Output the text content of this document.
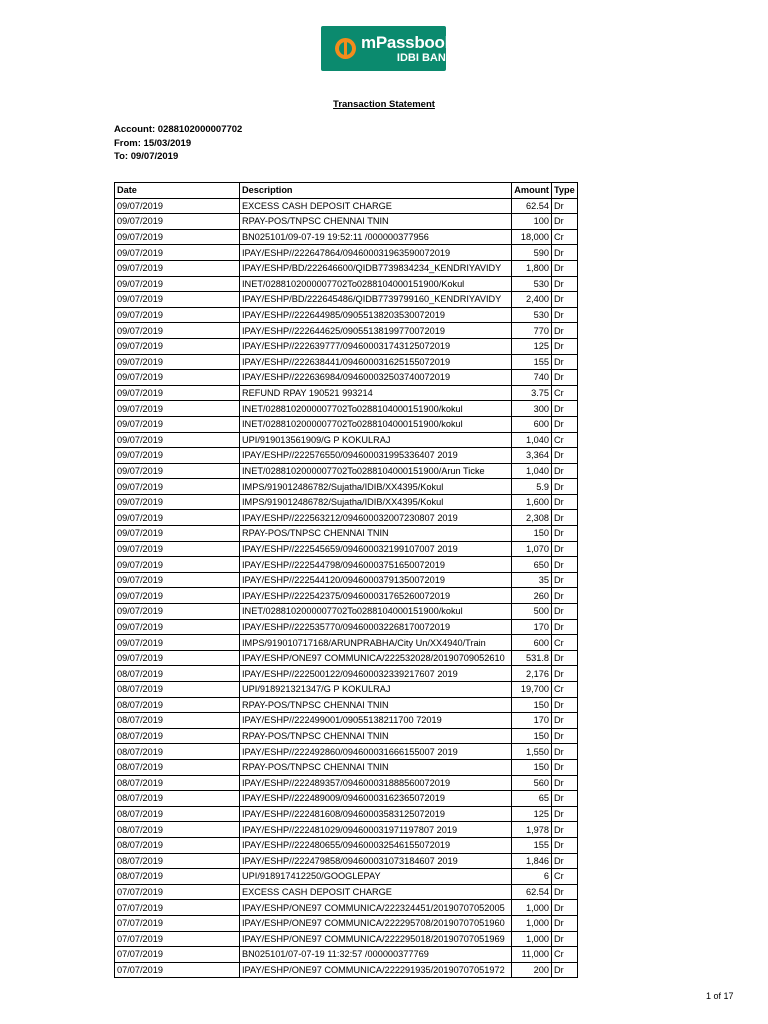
mPassbook
IDBI BANK
Transaction Statement
Account: 0288102000007702
From: 15/03/2019
To: 09/07/2019
Date	Description	Amount	Type
09/07/2019	EXCESS CASH DEPOSIT CHARGE	62.54	Dr
09/07/2019	RPAY-POS/TNPSC CHENNAI TNIN	100	Dr
09/07/2019	BN025101/09-07-19 19:52:11 /000000377956	18,000	Cr
09/07/2019	IPAY/ESHP//222647864/094600031963590072019	590	Dr
09/07/2019	IPAY/ESHP/BD/222646600/QIDB7739834234_KENDRIYAVIDY	1,800	Dr
09/07/2019	INET/0288102000007702To0288104000151900/Kokul	530	Dr
09/07/2019	IPAY/ESHP/BD/222645486/QIDB7739799160_KENDRIYAVIDY	2,400	Dr
09/07/2019	IPAY/ESHP//222644985/09055138203530072019	530	Dr
09/07/2019	IPAY/ESHP//222644625/09055138199770072019	770	Dr
09/07/2019	IPAY/ESHP//222639777/094600031743125072019	125	Dr
09/07/2019	IPAY/ESHP//222638441/094600031625155072019	155	Dr
09/07/2019	IPAY/ESHP//222636984/094600032503740072019	740	Dr
09/07/2019	REFUND RPAY 190521 993214	3.75	Cr
09/07/2019	INET/0288102000007702To0288104000151900/kokul	300	Dr
09/07/2019	INET/0288102000007702To0288104000151900/kokul	600	Dr
09/07/2019	UPI/919013561909/G P KOKULRAJ	1,040	Cr
09/07/2019	IPAY/ESHP//222576550/094600031995336407 2019	3,364	Dr
09/07/2019	INET/0288102000007702To0288104000151900/Arun Ticke	1,040	Dr
09/07/2019	IMPS/919012486782/Sujatha/IDIB/XX4395/Kokul	5.9	Dr
09/07/2019	IMPS/919012486782/Sujatha/IDIB/XX4395/Kokul	1,600	Dr
09/07/2019	IPAY/ESHP//222563212/094600032007230807 2019	2,308	Dr
09/07/2019	RPAY-POS/TNPSC CHENNAI TNIN	150	Dr
09/07/2019	IPAY/ESHP//222545659/094600032199107007 2019	1,070	Dr
09/07/2019	IPAY/ESHP//222544798/09460003751650072019	650	Dr
09/07/2019	IPAY/ESHP//222544120/09460003791350072019	35	Dr
09/07/2019	IPAY/ESHP//222542375/094600031765260072019	260	Dr
09/07/2019	INET/0288102000007702To0288104000151900/kokul	500	Dr
09/07/2019	IPAY/ESHP//222535770/094600032268170072019	170	Dr
09/07/2019	IMPS/919010717168/ARUNPRABHA/City Un/XX4940/Train	600	Cr
09/07/2019	IPAY/ESHP/ONE97 COMMUNICA/222532028/20190709052610	531.8	Dr
08/07/2019	IPAY/ESHP//222500122/094600032339217607 2019	2,176	Dr
08/07/2019	UPI/918921321347/G P KOKULRAJ	19,700	Cr
08/07/2019	RPAY-POS/TNPSC CHENNAI TNIN	150	Dr
08/07/2019	IPAY/ESHP//222499001/09055138211700 72019	170	Dr
08/07/2019	RPAY-POS/TNPSC CHENNAI TNIN	150	Dr
08/07/2019	IPAY/ESHP//222492860/094600031666155007 2019	1,550	Dr
08/07/2019	RPAY-POS/TNPSC CHENNAI TNIN	150	Dr
08/07/2019	IPAY/ESHP//222489357/094600031888560072019	560	Dr
08/07/2019	IPAY/ESHP//222489009/09460003162365072019	65	Dr
08/07/2019	IPAY/ESHP//222481608/09460003583125072019	125	Dr
08/07/2019	IPAY/ESHP//222481029/094600031971197807 2019	1,978	Dr
08/07/2019	IPAY/ESHP//222480655/094600032546155072019	155	Dr
08/07/2019	IPAY/ESHP//222479858/094600031073184607 2019	1,846	Dr
08/07/2019	UPI/918917412250/GOOGLEPAY	6	Cr
07/07/2019	EXCESS CASH DEPOSIT CHARGE	62.54	Dr
07/07/2019	IPAY/ESHP/ONE97 COMMUNICA/222324451/20190707052005	1,000	Dr
07/07/2019	IPAY/ESHP/ONE97 COMMUNICA/222295708/20190707051960	1,000	Dr
07/07/2019	IPAY/ESHP/ONE97 COMMUNICA/222295018/20190707051969	1,000	Dr
07/07/2019	BN025101/07-07-19 11:32:57 /000000377769	11,000	Cr
07/07/2019	IPAY/ESHP/ONE97 COMMUNICA/222291935/20190707051972	200	Dr
1 of 17
